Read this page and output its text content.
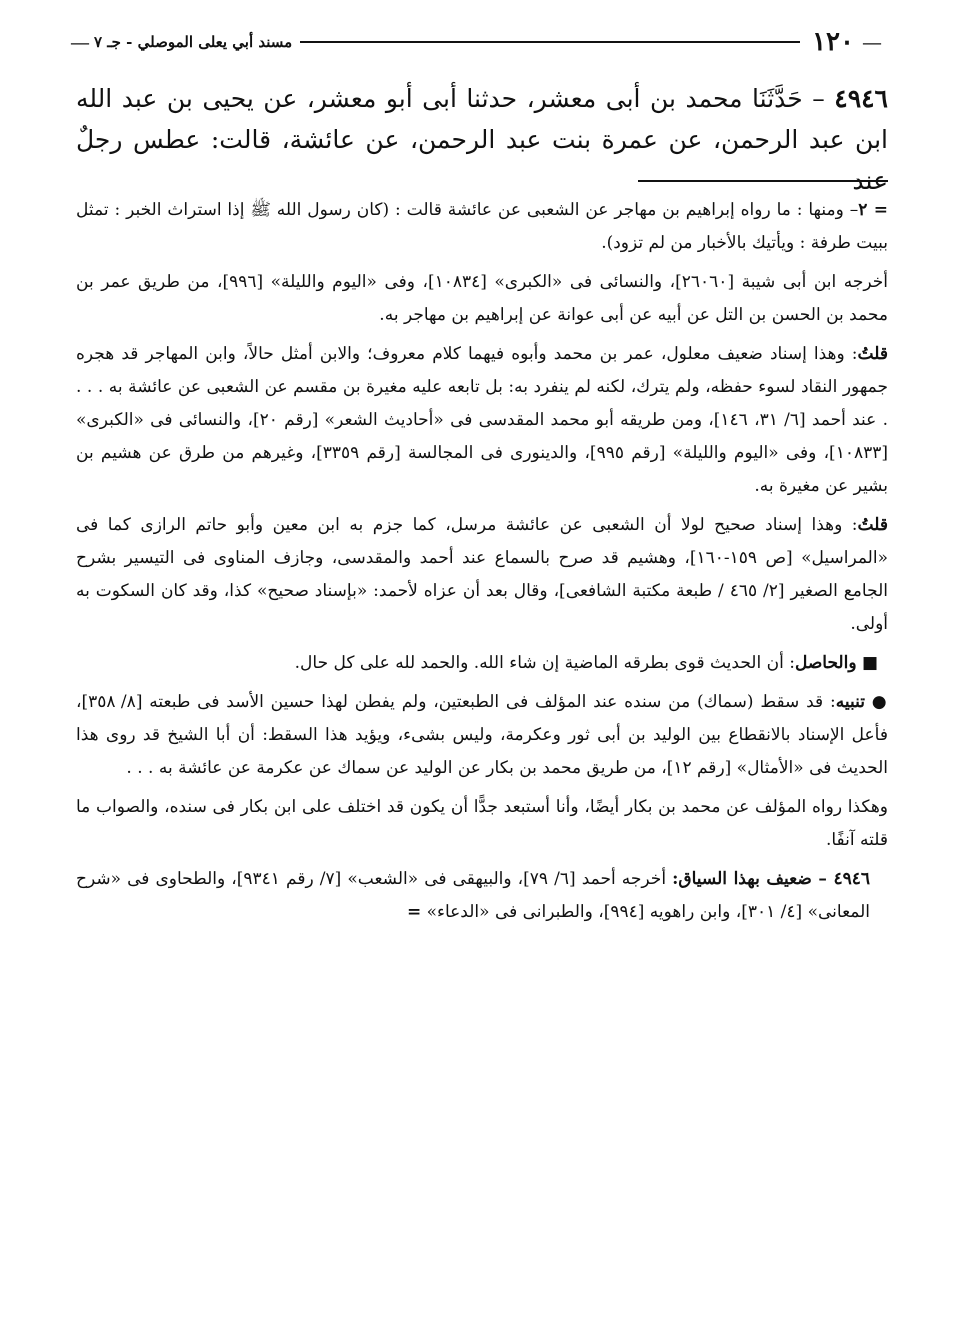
—
١٢٠
مسند أبي يعلى الموصلي - جـ ٧
—
٤٩٤٦ – حَدَّثَنَا محمد بن أبى معشر، حدثنا أبى أبو معشر، عن يحيى بن عبد الله ابن عبد الرحمن، عن عمرة بنت عبد الرحمن، عن عائشة، قالت: عطس رجلٌ عند

= ٢– ومنها : ما رواه إبراهيم بن مهاجر عن الشعبى عن عائشة قالت : (كان رسول الله ﷺ إذا استراث الخبر : تمثل ببيت طرفة : ويأتيك بالأخبار من لم تزود).

أخرجه ابن أبى شيبة [٢٦٠٦٠]، والنسائى فى «الكبرى» [١٠٨٣٤]، وفى «اليوم والليلة» [٩٩٦]، من طريق عمر بن محمد بن الحسن بن التل عن أبيه عن أبى عوانة عن إبراهيم بن مهاجر به.

قلتُ: وهذا إسناد ضعيف معلول، عمر بن محمد وأبوه فيهما كلام معروف؛ والابن أمثل حالاً، وابن المهاجر قد هجره جمهور النقاد لسوء حفظه، ولم يترك، لكنه لم ينفرد به: بل تابعه عليه مغيرة بن مقسم عن الشعبى عن عائشة به . . . . عند أحمد [٦/ ٣١، ١٤٦]، ومن طريقه أبو محمد المقدسى فى «أحاديث الشعر» [رقم ٢٠]، والنسائى فى «الكبرى» [١٠٨٣٣]، وفى «اليوم والليلة» [رقم ٩٩٥]، والدينورى فى المجالسة [رقم ٣٣٥٩]، وغيرهم من طرق عن هشيم بن بشير عن مغيرة به.

قلتُ: وهذا إسناد صحيح لولا أن الشعبى عن عائشة مرسل، كما جزم به ابن معين وأبو حاتم الرازى كما فى «المراسيل» [ص ١٥٩-١٦٠]، وهشيم قد صرح بالسماع عند أحمد والمقدسى، وجازف المناوى فى التيسير بشرح الجامع الصغير [٢/ ٤٦٥ / طبعة مكتبة الشافعى]، وقال بعد أن عزاه لأحمد: «بإسناد صحيح» كذا، وقد كان السكوت به أولى.

■ والحاصل: أن الحديث قوى بطرقه الماضية إن شاء الله. والحمد لله على كل حال.

● تنبيه: قد سقط (سماك) من سنده عند المؤلف فى الطبعتين، ولم يفطن لهذا حسين الأسد فى طبعته [٨/ ٣٥٨]، فأعل الإسناد بالانقطاع بين الوليد بن أبى ثور وعكرمة، وليس بشىء، ويؤيد هذا السقط: أن أبا الشيخ قد روى هذا الحديث فى «الأمثال» [رقم ١٢]، من طريق محمد بن بكار عن الوليد عن سماك عن عكرمة عن عائشة به . . .

وهكذا رواه المؤلف عن محمد بن بكار أيضًا، وأنا أستبعد جدًّا أن يكون قد اختلف على ابن بكار فى سنده، والصواب ما قلته آنفًا.

٤٩٤٦ – ضعيف بهذا السياق: أخرجه أحمد [٦/ ٧٩]، والبيهقى فى «الشعب» [٧/ رقم ٩٣٤١]، والطحاوى فى «شرح المعانى» [٤/ ٣٠١]، وابن راهويه [٩٩٤]، والطبرانى فى «الدعاء» =
